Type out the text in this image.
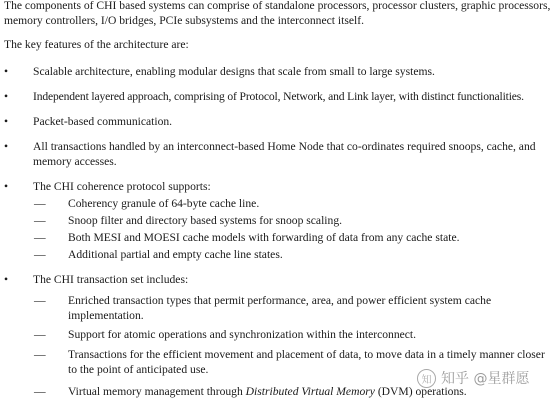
The components of CHI based systems can comprise of standalone processors, processor clusters, graphic processors, memory controllers, I/O bridges, PCIe subsystems and the interconnect itself.

The key features of the architecture are:

• Scalable architecture, enabling modular designs that scale from small to large systems.
• Independent layered approach, comprising of Protocol, Network, and Link layer, with distinct functionalities.
• Packet-based communication.
• All transactions handled by an interconnect-based Home Node that co-ordinates required snoops, cache, and memory accesses.
• The CHI coherence protocol supports:
— Coherency granule of 64-byte cache line.
— Snoop filter and directory based systems for snoop scaling.
— Both MESI and MOESI cache models with forwarding of data from any cache state.
— Additional partial and empty cache line states.
• The CHI transaction set includes:
— Enriched transaction types that permit performance, area, and power efficient system cache implementation.
— Support for atomic operations and synchronization within the interconnect.
— Transactions for the efficient movement and placement of data, to move data in a timely manner closer to the point of anticipated use.
— Virtual memory management through Distributed Virtual Memory (DVM) operations.
知 知乎 @星群愿
